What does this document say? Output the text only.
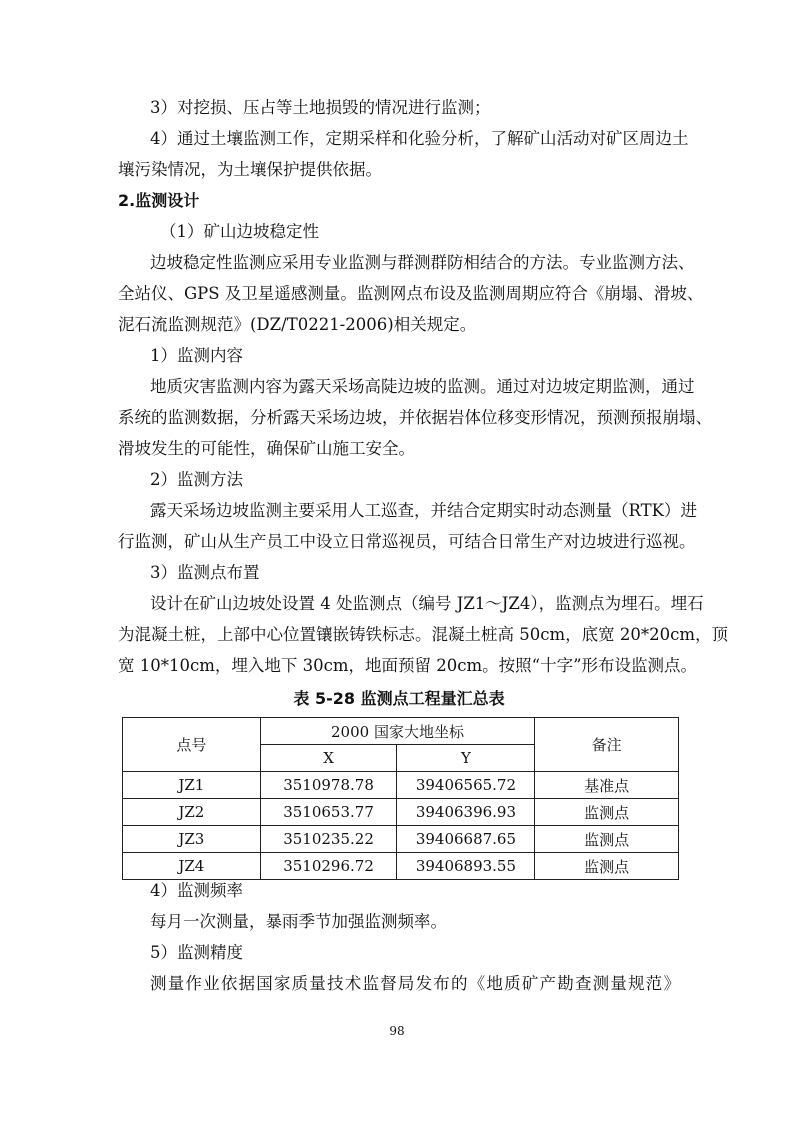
3）对挖损、压占等土地损毁的情况进行监测；
4）通过土壤监测工作，定期采样和化验分析，了解矿山活动对矿区周边土
壤污染情况，为土壤保护提供依据。
2.监测设计
（1）矿山边坡稳定性
边坡稳定性监测应采用专业监测与群测群防相结合的方法。专业监测方法、
全站仪、GPS 及卫星遥感测量。监测网点布设及监测周期应符合《崩塌、滑坡、
泥石流监测规范》(DZ/T0221-2006)相关规定。
1）监测内容
地质灾害监测内容为露天采场高陡边坡的监测。通过对边坡定期监测，通过
系统的监测数据，分析露天采场边坡，并依据岩体位移变形情况，预测预报崩塌、
滑坡发生的可能性，确保矿山施工安全。
2）监测方法
露天采场边坡监测主要采用人工巡查，并结合定期实时动态测量（RTK）进
行监测，矿山从生产员工中设立日常巡视员，可结合日常生产对边坡进行巡视。
3）监测点布置
设计在矿山边坡处设置 4 处监测点（编号 JZ1～JZ4），监测点为埋石。埋石
为混凝土桩，上部中心位置镶嵌铸铁标志。混凝土桩高 50cm，底宽 20*20cm，顶
宽 10*10cm，埋入地下 30cm，地面预留 20cm。按照“十字”形布设监测点。
表 5-28 监测点工程量汇总表
点号	2000 国家大地坐标		备注
	X	Y	
JZ1	3510978.78	39406565.72	基准点
JZ2	3510653.77	39406396.93	监测点
JZ3	3510235.22	39406687.65	监测点
JZ4	3510296.72	39406893.55	监测点
4）监测频率
每月一次测量，暴雨季节加强监测频率。
5）监测精度
测量作业依据国家质量技术监督局发布的《地质矿产勘查测量规范》
98
